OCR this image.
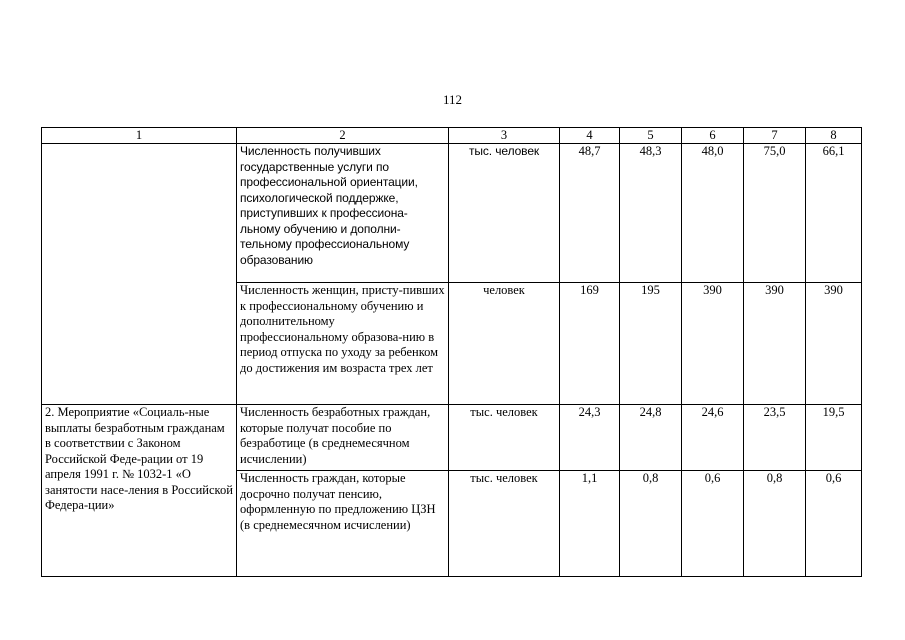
112
1	2	3	4	5	6	7	8
	Численность получивших государственные услуги по профессиональной ориентации, психологической поддержке, приступивших к профессиона-льному обучению и дополни-тельному профессиональному образованию	тыс. человек	48,7	48,3	48,0	75,0	66,1
	Численность женщин, присту-пивших к профессиональному обучению и дополнительному профессиональному образова-нию в период отпуска по уходу за ребенком до достижения им возраста трех лет	человек	169	195	390	390	390
2. Мероприятие «Социаль-ные выплаты безработным гражданам в соответствии с Законом Российской Феде-рации от 19 апреля 1991 г. № 1032-1 «О занятости насе-ления в Российской Федера-ции»	Численность безработных граждан, которые получат пособие по безработице (в среднемесячном исчислении)	тыс. человек	24,3	24,8	24,6	23,5	19,5
	Численность граждан, которые досрочно получат пенсию, оформленную по предложению ЦЗН (в среднемесячном исчислении)	тыс. человек	1,1	0,8	0,6	0,8	0,6
